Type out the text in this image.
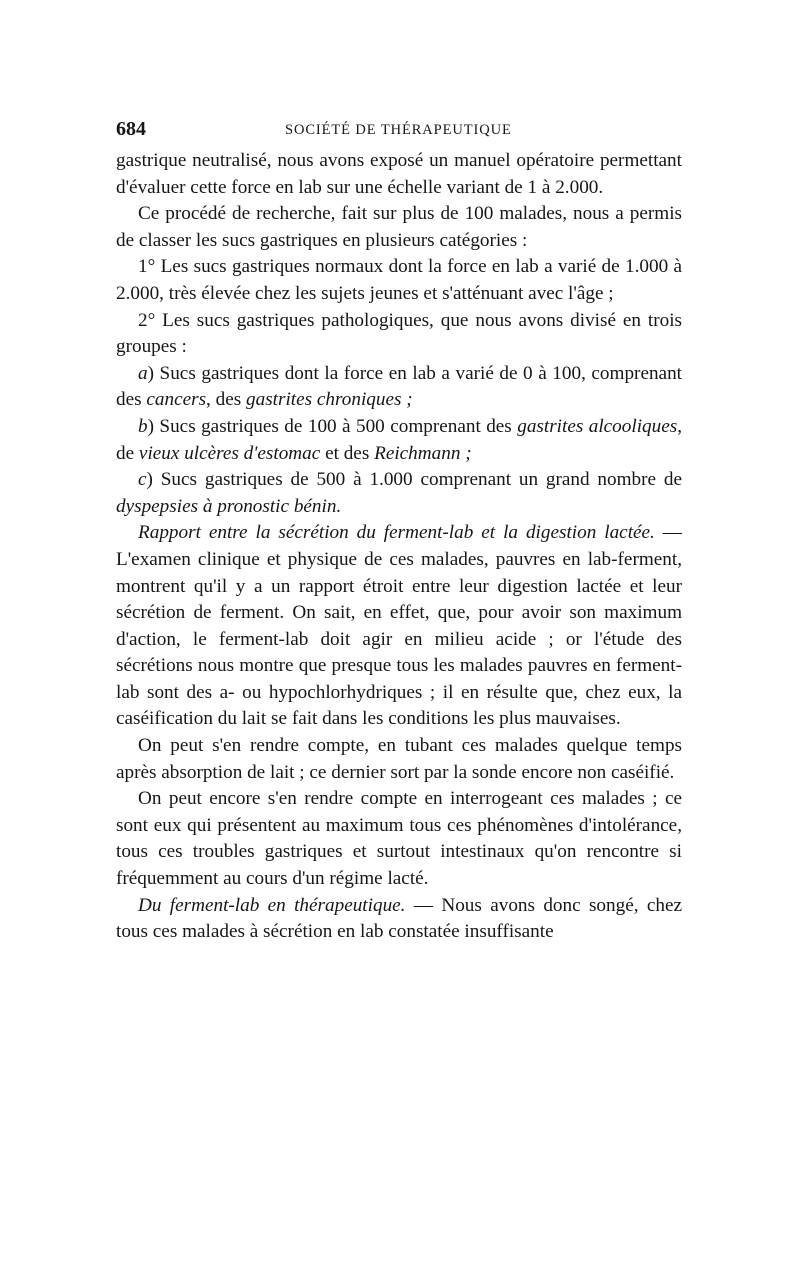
684	SOCIÉTÉ DE THÉRAPEUTIQUE

gastrique neutralisé, nous avons exposé un manuel opératoire permettant d'évaluer cette force en lab sur une échelle variant de 1 à 2.000.

Ce procédé de recherche, fait sur plus de 100 malades, nous a permis de classer les sucs gastriques en plusieurs catégories :

1° Les sucs gastriques normaux dont la force en lab a varié de 1.000 à 2.000, très élevée chez les sujets jeunes et s'atténuant avec l'âge ;

2° Les sucs gastriques pathologiques, que nous avons divisé en trois groupes :

a) Sucs gastriques dont la force en lab a varié de 0 à 100, comprenant des cancers, des gastrites chroniques ;

b) Sucs gastriques de 100 à 500 comprenant des gastrites alcooliques, de vieux ulcères d'estomac et des Reichmann ;

c) Sucs gastriques de 500 à 1.000 comprenant un grand nombre de dyspepsies à pronostic bénin.

Rapport entre la sécrétion du ferment-lab et la digestion lactée. — L'examen clinique et physique de ces malades, pauvres en lab-ferment, montrent qu'il y a un rapport étroit entre leur digestion lactée et leur sécrétion de ferment. On sait, en effet, que, pour avoir son maximum d'action, le ferment-lab doit agir en milieu acide ; or l'étude des sécrétions nous montre que presque tous les malades pauvres en ferment-lab sont des a- ou hypochlorhydriques ; il en résulte que, chez eux, la caséification du lait se fait dans les conditions les plus mauvaises.

On peut s'en rendre compte, en tubant ces malades quelque temps après absorption de lait ; ce dernier sort par la sonde encore non caséifié.

On peut encore s'en rendre compte en interrogeant ces malades ; ce sont eux qui présentent au maximum tous ces phénomènes d'intolérance, tous ces troubles gastriques et surtout intestinaux qu'on rencontre si fréquemment au cours d'un régime lacté.

Du ferment-lab en thérapeutique. — Nous avons donc songé, chez tous ces malades à sécrétion en lab constatée insuffisante
